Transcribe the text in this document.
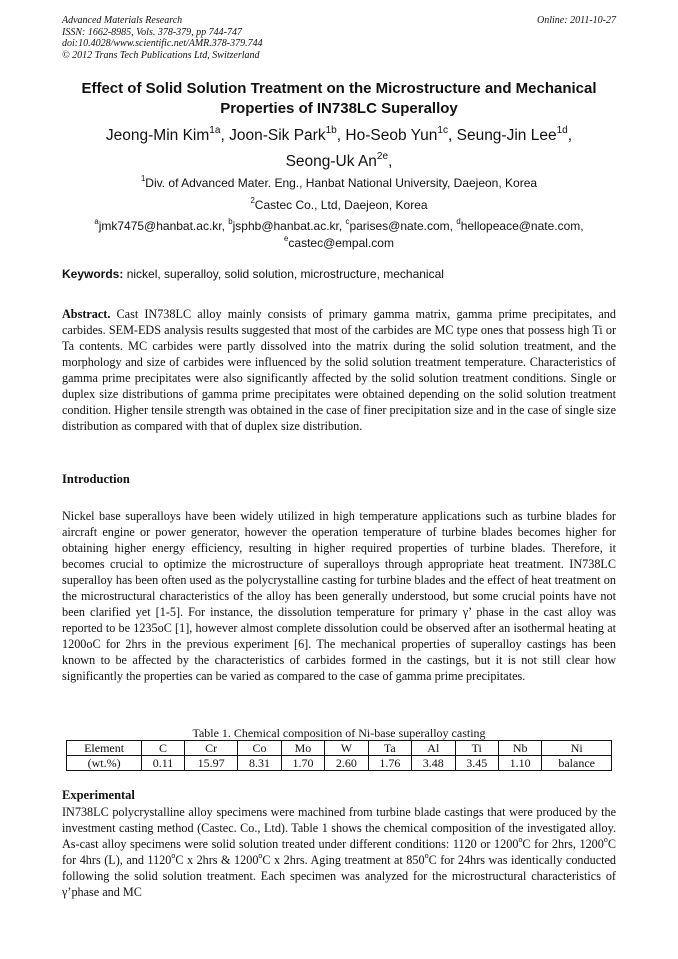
Advanced Materials Research
ISSN: 1662-8985, Vols. 378-379, pp 744-747
doi:10.4028/www.scientific.net/AMR.378-379.744
© 2012 Trans Tech Publications Ltd, Switzerland
Online: 2011-10-27
Effect of Solid Solution Treatment on the Microstructure and Mechanical Properties of IN738LC Superalloy
Jeong-Min Kim$^{1a}$, Joon-Sik Park$^{1b}$, Ho-Seob Yun$^{1c}$, Seung-Jin Lee$^{1d}$,
Seong-Uk $An^{2e}$,
$^1$Div. of Advanced Mater. Eng., Hanbat National University, Daejeon, Korea
$^2$Castec Co., Ltd, Daejeon, Korea
$^a$jmk7475@hanbat.ac.kr, $^b$jsphb@hanbat.ac.kr, $^c$parises@nate.com, $^d$hellopeace@nate.com,
$^e$castec@empal.com
Keywords: nickel, superalloy, solid solution, microstructure, mechanical
Abstract. Cast IN738LC alloy mainly consists of primary gamma matrix, gamma prime precipitates, and carbides. SEM-EDS analysis results suggested that most of the carbides are MC type ones that possess high Ti or Ta contents. MC carbides were partly dissolved into the matrix during the solid solution treatment, and the morphology and size of carbides were influenced by the solid solution treatment temperature. Characteristics of gamma prime precipitates were also significantly affected by the solid solution treatment conditions. Single or duplex size distributions of gamma prime precipitates were obtained depending on the solid solution treatment condition. Higher tensile strength was obtained in the case of finer precipitation size and in the case of single size distribution as compared with that of duplex size distribution.
Introduction
Nickel base superalloys have been widely utilized in high temperature applications such as turbine blades for aircraft engine or power generator, however the operation temperature of turbine blades becomes higher for obtaining higher energy efficiency, resulting in higher required properties of turbine blades. Therefore, it becomes crucial to optimize the microstructure of superalloys through appropriate heat treatment. IN738LC superalloy has been often used as the polycrystalline casting for turbine blades and the effect of heat treatment on the microstructural characteristics of the alloy has been generally understood, but some crucial points have not been clarified yet [1-5]. For instance, the dissolution temperature for primary γ’ phase in the cast alloy was reported to be 1235oC [1], however almost complete dissolution could be observed after an isothermal heating at 1200oC for 2hrs in the previous experiment [6]. The mechanical properties of superalloy castings has been known to be affected by the characteristics of carbides formed in the castings, but it is not still clear how significantly the properties can be varied as compared to the case of gamma prime precipitates.
Table 1. Chemical composition of Ni-base superalloy casting
Element	C	Cr	Co	Mo	W	Ta	Al	Ti	Nb	Ni
(wt.%)	0.11	15.97	8.31	1.70	2.60	1.76	3.48	3.45	1.10	balance
Experimental
IN738LC polycrystalline alloy specimens were machined from turbine blade castings that were produced by the investment casting method (Castec. Co., Ltd). Table 1 shows the chemical composition of the investigated alloy. As-cast alloy specimens were solid solution treated under different conditions: 1120 or 1200$^o$C for 2hrs, 1200$^o$C for 4hrs (L), and 1120$^o$C x 2hrs & 1200$^o$C x 2hrs. Aging treatment at 850$^o$C for 24hrs was identically conducted following the solid solution treatment. Each specimen was analyzed for the microstructural characteristics of γ’phase and MC
